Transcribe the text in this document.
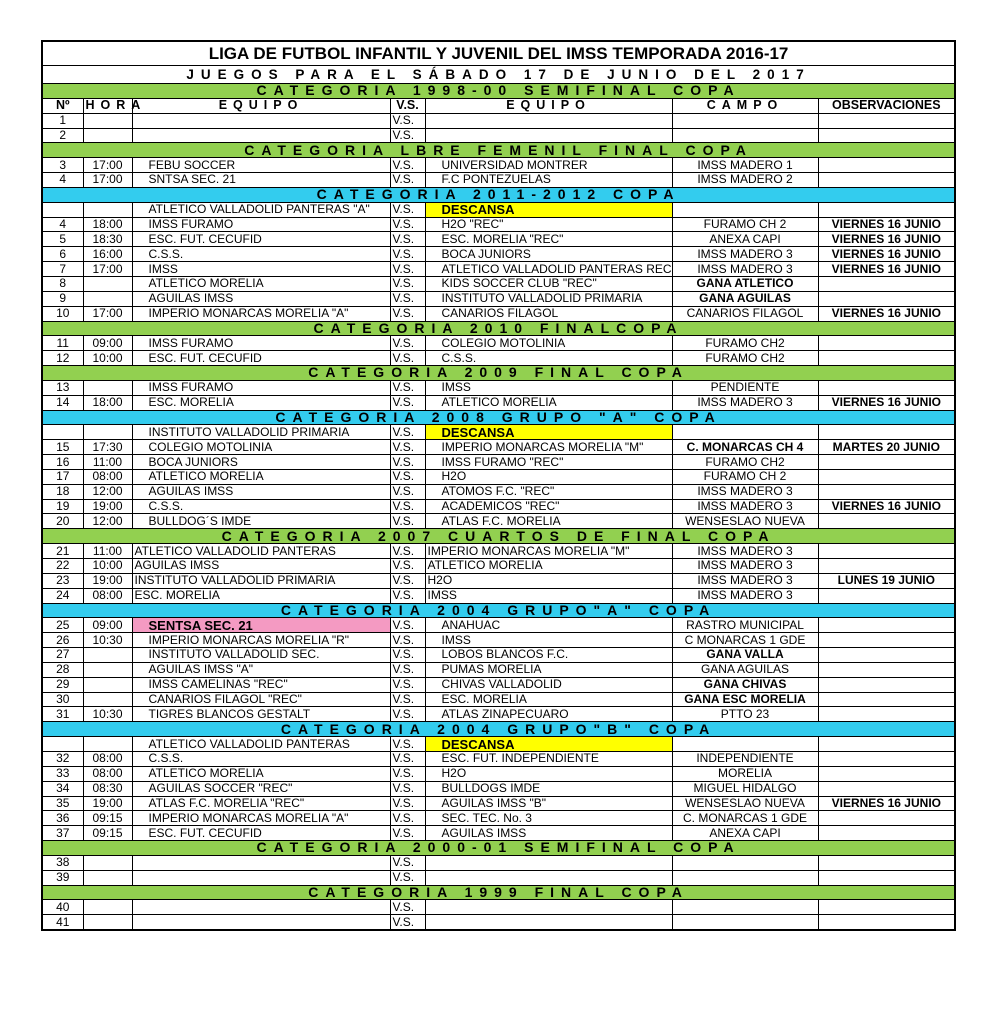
LIGA DE FUTBOL INFANTIL Y JUVENIL DEL IMSS TEMPORADA 2016-17						
JUEGOS PARA EL SÁBADO 17 DE JUNIO DEL 2017						
CATEGORIA 1998-00 SEMIFINAL COPA						
Nº	HORA	EQUIPO	V.S.	EQUIPO	CAMPO	OBSERVACIONES
1			V.S.			
2			V.S.			
CATEGORIA LBRE FEMENIL FINAL COPA						
3	17:00	FEBU SOCCER	V.S.	UNIVERSIDAD MONTRER	IMSS MADERO 1	
4	17:00	SNTSA SEC. 21	V.S.	F.C PONTEZUELAS	IMSS MADERO 2	
CATEGORIA 2011-2012 COPA						
		ATLETICO VALLADOLID PANTERAS "A"	V.S.	DESCANSA		
4	18:00	IMSS FURAMO	V.S.	H2O "REC"	FURAMO CH 2	VIERNES 16 JUNIO
5	18:30	ESC. FUT. CECUFID	V.S.	ESC. MORELIA "REC"	ANEXA CAPI	VIERNES 16 JUNIO
6	16:00	C.S.S.	V.S.	BOCA JUNIORS	IMSS MADERO 3	VIERNES 16 JUNIO
7	17:00	IMSS	V.S.	ATLETICO VALLADOLID PANTERAS REC	IMSS MADERO 3	VIERNES 16 JUNIO
8		ATLETICO MORELIA	V.S.	KIDS SOCCER CLUB "REC"	GANA ATLETICO	
9		AGUILAS IMSS	V.S.	INSTITUTO VALLADOLID PRIMARIA	GANA AGUILAS	
10	17:00	IMPERIO MONARCAS MORELIA "A"	V.S.	CANARIOS FILAGOL	CANARIOS FILAGOL	VIERNES 16 JUNIO
CATEGORIA 2010 FINALCOPA						
11	09:00	IMSS FURAMO	V.S.	COLEGIO MOTOLINIA	FURAMO CH2	
12	10:00	ESC. FUT. CECUFID	V.S.	C.S.S.	FURAMO CH2	
CATEGORIA 2009 FINAL COPA						
13		IMSS FURAMO	V.S.	IMSS	PENDIENTE	
14	18:00	ESC. MORELIA	V.S.	ATLETICO MORELIA	IMSS MADERO 3	VIERNES 16 JUNIO
CATEGORIA 2008 GRUPO "A" COPA						
		INSTITUTO VALLADOLID PRIMARIA	V.S.	DESCANSA		
15	17:30	COLEGIO MOTOLINIA	V.S.	IMPERIO MONARCAS MORELIA "M"	C. MONARCAS CH 4	MARTES 20 JUNIO
16	11:00	BOCA JUNIORS	V.S.	IMSS FURAMO "REC"	FURAMO CH2	
17	08:00	ATLETICO MORELIA	V.S.	H2O	FURAMO CH 2	
18	12:00	AGUILAS IMSS	V.S.	ATOMOS F.C. "REC"	IMSS MADERO 3	
19	19:00	C.S.S.	V.S.	ACADEMICOS "REC"	IMSS MADERO 3	VIERNES 16 JUNIO
20	12:00	BULLDOG´S IMDE	V.S.	ATLAS F.C. MORELIA	WENSESLAO NUEVA	
CATEGORIA 2007 CUARTOS DE FINAL COPA						
21	11:00	ATLETICO VALLADOLID PANTERAS	V.S.	IMPERIO MONARCAS MORELIA "M"	IMSS MADERO 3	
22	10:00	AGUILAS IMSS	V.S.	ATLETICO MORELIA	IMSS MADERO 3	
23	19:00	INSTITUTO VALLADOLID PRIMARIA	V.S.	H2O	IMSS MADERO 3	LUNES 19 JUNIO
24	08:00	ESC. MORELIA	V.S.	IMSS	IMSS MADERO 3	
CATEGORIA 2004 GRUPO"A" COPA						
25	09:00	SENTSA SEC. 21	V.S.	ANAHUAC	RASTRO MUNICIPAL	
26	10:30	IMPERIO MONARCAS MORELIA "R"	V.S.	IMSS	C MONARCAS 1 GDE	
27		INSTITUTO VALLADOLID SEC.	V.S.	LOBOS BLANCOS F.C.	GANA VALLA	
28		AGUILAS IMSS "A"	V.S.	PUMAS MORELIA	GANA AGUILAS	
29		IMSS CAMELINAS "REC"	V.S.	CHIVAS VALLADOLID	GANA CHIVAS	
30		CANARIOS FILAGOL "REC"	V.S.	ESC. MORELIA	GANA ESC MORELIA	
31	10:30	TIGRES BLANCOS GESTALT	V.S.	ATLAS ZINAPECUARO	PTTO 23	
CATEGORIA 2004 GRUPO"B" COPA						
		ATLETICO VALLADOLID PANTERAS	V.S.	DESCANSA		
32	08:00	C.S.S.	V.S.	ESC. FUT. INDEPENDIENTE	INDEPENDIENTE	
33	08:00	ATLETICO MORELIA	V.S.	H2O	MORELIA	
34	08:30	AGUILAS SOCCER "REC"	V.S.	BULLDOGS IMDE	MIGUEL HIDALGO	
35	19:00	ATLAS F.C. MORELIA "REC"	V.S.	AGUILAS IMSS "B"	WENSESLAO NUEVA	VIERNES 16 JUNIO
36	09:15	IMPERIO MONARCAS MORELIA "A"	V.S.	SEC. TEC. No. 3	C. MONARCAS 1 GDE	
37	09:15	ESC. FUT. CECUFID	V.S.	AGUILAS IMSS	ANEXA CAPI	
CATEGORIA 2000-01 SEMIFINAL COPA						
38			V.S.			
39			V.S.			
CATEGORIA 1999 FINAL COPA						
40			V.S.			
41			V.S.			
